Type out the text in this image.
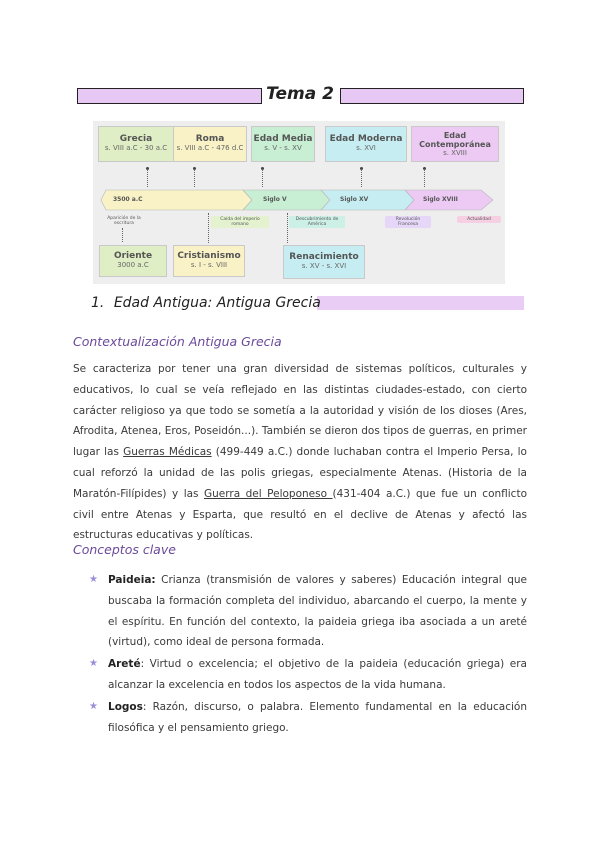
Tema 2
Grecia
s. VIII a.C - 30 a.C
Roma
s. VIII a.C - 476 d.C
Edad Media
s. V - s. XV
Edad Moderna
s. XVI
Edad Contemporánea
s. XVIII
3500 a.C	Siglo V	Siglo XV	Siglo XVIII
Aparición de la escritura
Caída del imperio romano
Descubrimiento de América
Revolución Francesa
Actualidad
Oriente
3000 a.C
Cristianismo
s. I - s. VIII
Renacimiento
s. XV - s. XVI
1. Edad Antigua: Antigua Grecia
Contextualización Antigua Grecia
Se caracteriza por tener una gran diversidad de sistemas políticos, culturales y educativos, lo cual se veía reflejado en las distintas ciudades-estado, con cierto carácter religioso ya que todo se sometía a la autoridad y visión de los dioses (Ares, Afrodita, Atenea, Eros, Poseidón...). También se dieron dos tipos de guerras, en primer lugar las Guerras Médicas (499-449 a.C.) donde luchaban contra el Imperio Persa, lo cual reforzó la unidad de las polis griegas, especialmente Atenas. (Historia de la Maratón-Filípides) y las Guerra del Peloponeso (431-404 a.C.) que fue un conflicto civil entre Atenas y Esparta, que resultó en el declive de Atenas y afectó las estructuras educativas y políticas.
Conceptos clave
★ Paideia: Crianza (transmisión de valores y saberes) Educación integral que buscaba la formación completa del individuo, abarcando el cuerpo, la mente y el espíritu. En función del contexto, la paideia griega iba asociada a un areté (virtud), como ideal de persona formada.
★ Areté: Virtud o excelencia; el objetivo de la paideia (educación griega) era alcanzar la excelencia en todos los aspectos de la vida humana.
★ Logos: Razón, discurso, o palabra. Elemento fundamental en la educación filosófica y el pensamiento griego.
